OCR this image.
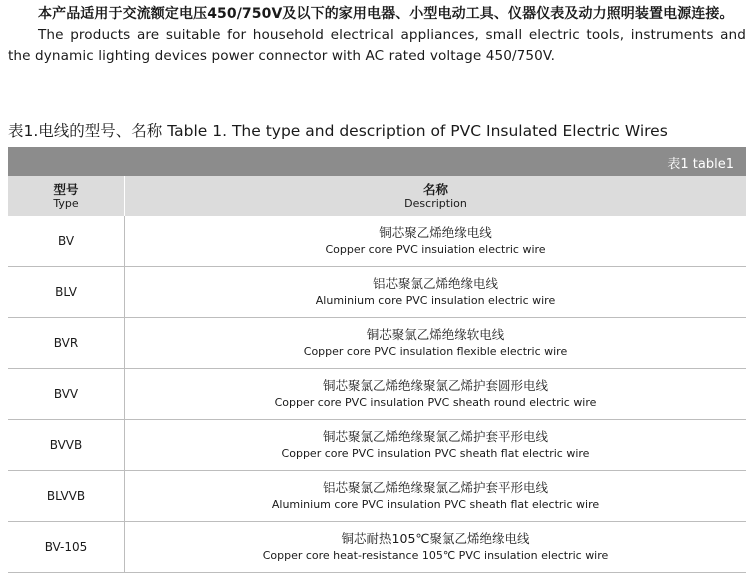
本产品适用于交流额定电压450/750V及以下的家用电器、小型电动工具、仪器仪表及动力照明装置电源连接。

The products are suitable for household electrical appliances, small electric tools, instruments and the dynamic lighting devices power connector with AC rated voltage 450/750V.

表1.电线的型号、名称 Table 1. The type and description of PVC Insulated Electric Wires
表1 table1
型号
Type
名称
Description
BV
铜芯聚乙烯绝缘电线
Copper core PVC insuiation electric wire
BLV
铝芯聚氯乙烯绝缘电线
Aluminium core PVC insulation electric wire
BVR
铜芯聚氯乙烯绝缘软电线
Copper core PVC insulation flexible electric wire
BVV
铜芯聚氯乙烯绝缘聚氯乙烯护套圆形电线
Copper core PVC insulation PVC sheath round electric wire
BVVB
铜芯聚氯乙烯绝缘聚氯乙烯护套平形电线
Copper core PVC insulation PVC sheath flat electric wire
BLVVB
铝芯聚氯乙烯绝缘聚氯乙烯护套平形电线
Aluminium core PVC insulation PVC sheath flat electric wire
BV-105
铜芯耐热105℃聚氯乙烯绝缘电线
Copper core heat-resistance 105℃ PVC insulation electric wire
